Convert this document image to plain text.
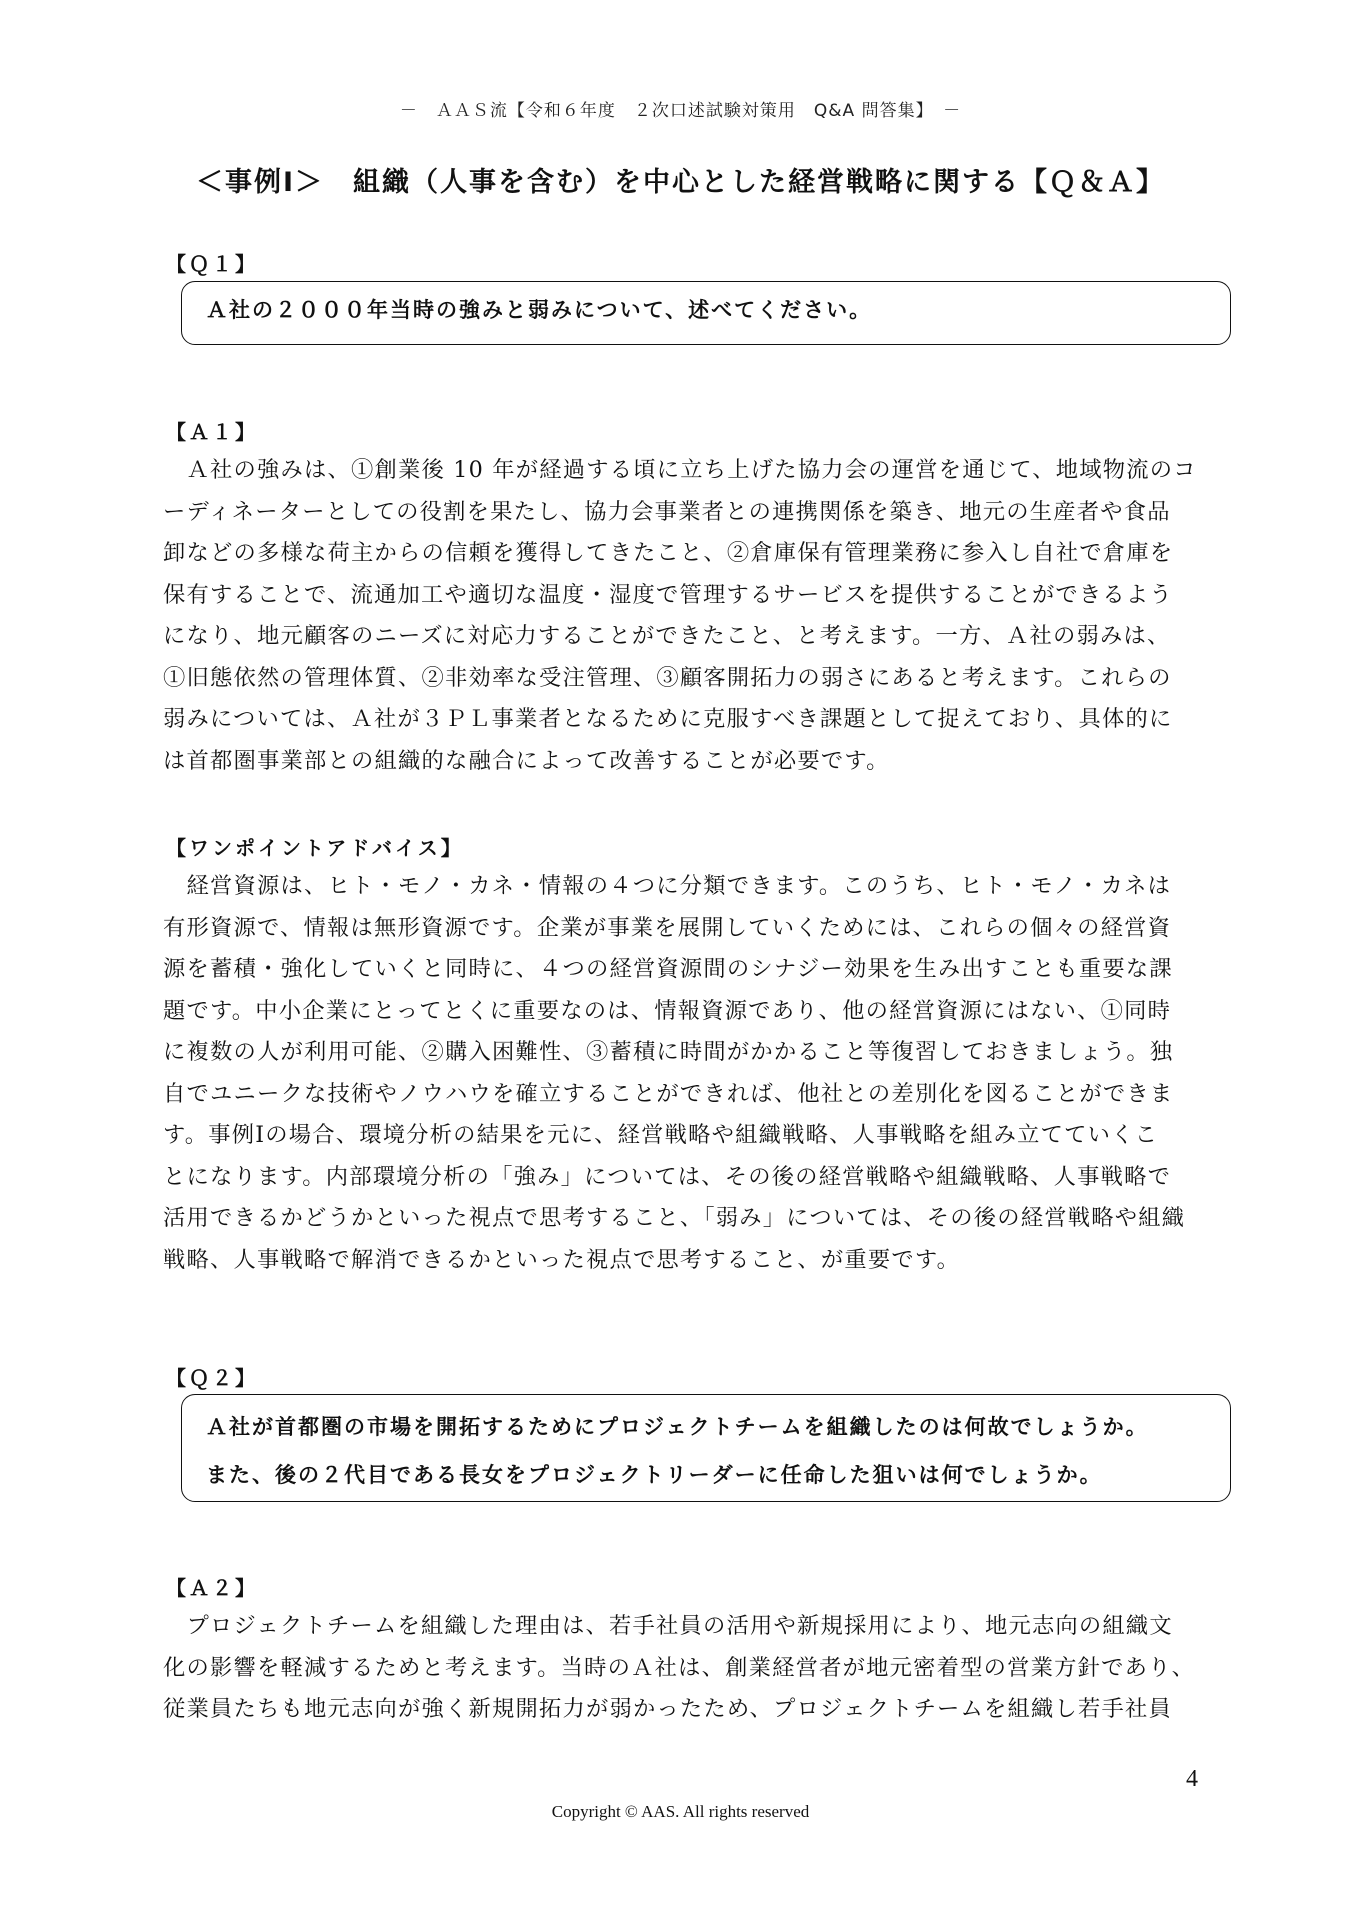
－　ＡＡＳ流【令和６年度　２次口述試験対策用　Q&A 問答集】　－
＜事例Ⅰ＞　組織（人事を含む）を中心とした経営戦略に関する【Ｑ＆Ａ】
【Ｑ１】
Ａ社の２０００年当時の強みと弱みについて、述べてください。
【Ａ１】
　Ａ社の強みは、①創業後 10 年が経過する頃に立ち上げた協力会の運営を通じて、地域物流のコ
ーディネーターとしての役割を果たし、協力会事業者との連携関係を築き、地元の生産者や食品
卸などの多様な荷主からの信頼を獲得してきたこと、②倉庫保有管理業務に参入し自社で倉庫を
保有することで、流通加工や適切な温度・湿度で管理するサービスを提供することができるよう
になり、地元顧客のニーズに対応力することができたこと、と考えます。一方、Ａ社の弱みは、
①旧態依然の管理体質、②非効率な受注管理、③顧客開拓力の弱さにあると考えます。これらの
弱みについては、Ａ社が３ＰＬ事業者となるために克服すべき課題として捉えており、具体的に
は首都圏事業部との組織的な融合によって改善することが必要です。
【ワンポイントアドバイス】
　経営資源は、ヒト・モノ・カネ・情報の４つに分類できます。このうち、ヒト・モノ・カネは
有形資源で、情報は無形資源です。企業が事業を展開していくためには、これらの個々の経営資
源を蓄積・強化していくと同時に、４つの経営資源間のシナジー効果を生み出すことも重要な課
題です。中小企業にとってとくに重要なのは、情報資源であり、他の経営資源にはない、①同時
に複数の人が利用可能、②購入困難性、③蓄積に時間がかかること等復習しておきましょう。独
自でユニークな技術やノウハウを確立することができれば、他社との差別化を図ることができま
す。事例Ⅰの場合、環境分析の結果を元に、経営戦略や組織戦略、人事戦略を組み立てていくこ
とになります。内部環境分析の「強み」については、その後の経営戦略や組織戦略、人事戦略で
活用できるかどうかといった視点で思考すること、「弱み」については、その後の経営戦略や組織
戦略、人事戦略で解消できるかといった視点で思考すること、が重要です。
【Ｑ２】
Ａ社が首都圏の市場を開拓するためにプロジェクトチームを組織したのは何故でしょうか。
また、後の２代目である長女をプロジェクトリーダーに任命した狙いは何でしょうか。
【Ａ２】
　プロジェクトチームを組織した理由は、若手社員の活用や新規採用により、地元志向の組織文
化の影響を軽減するためと考えます。当時のＡ社は、創業経営者が地元密着型の営業方針であり、
従業員たちも地元志向が強く新規開拓力が弱かったため、プロジェクトチームを組織し若手社員
4
Copyright © AAS. All rights reserved
